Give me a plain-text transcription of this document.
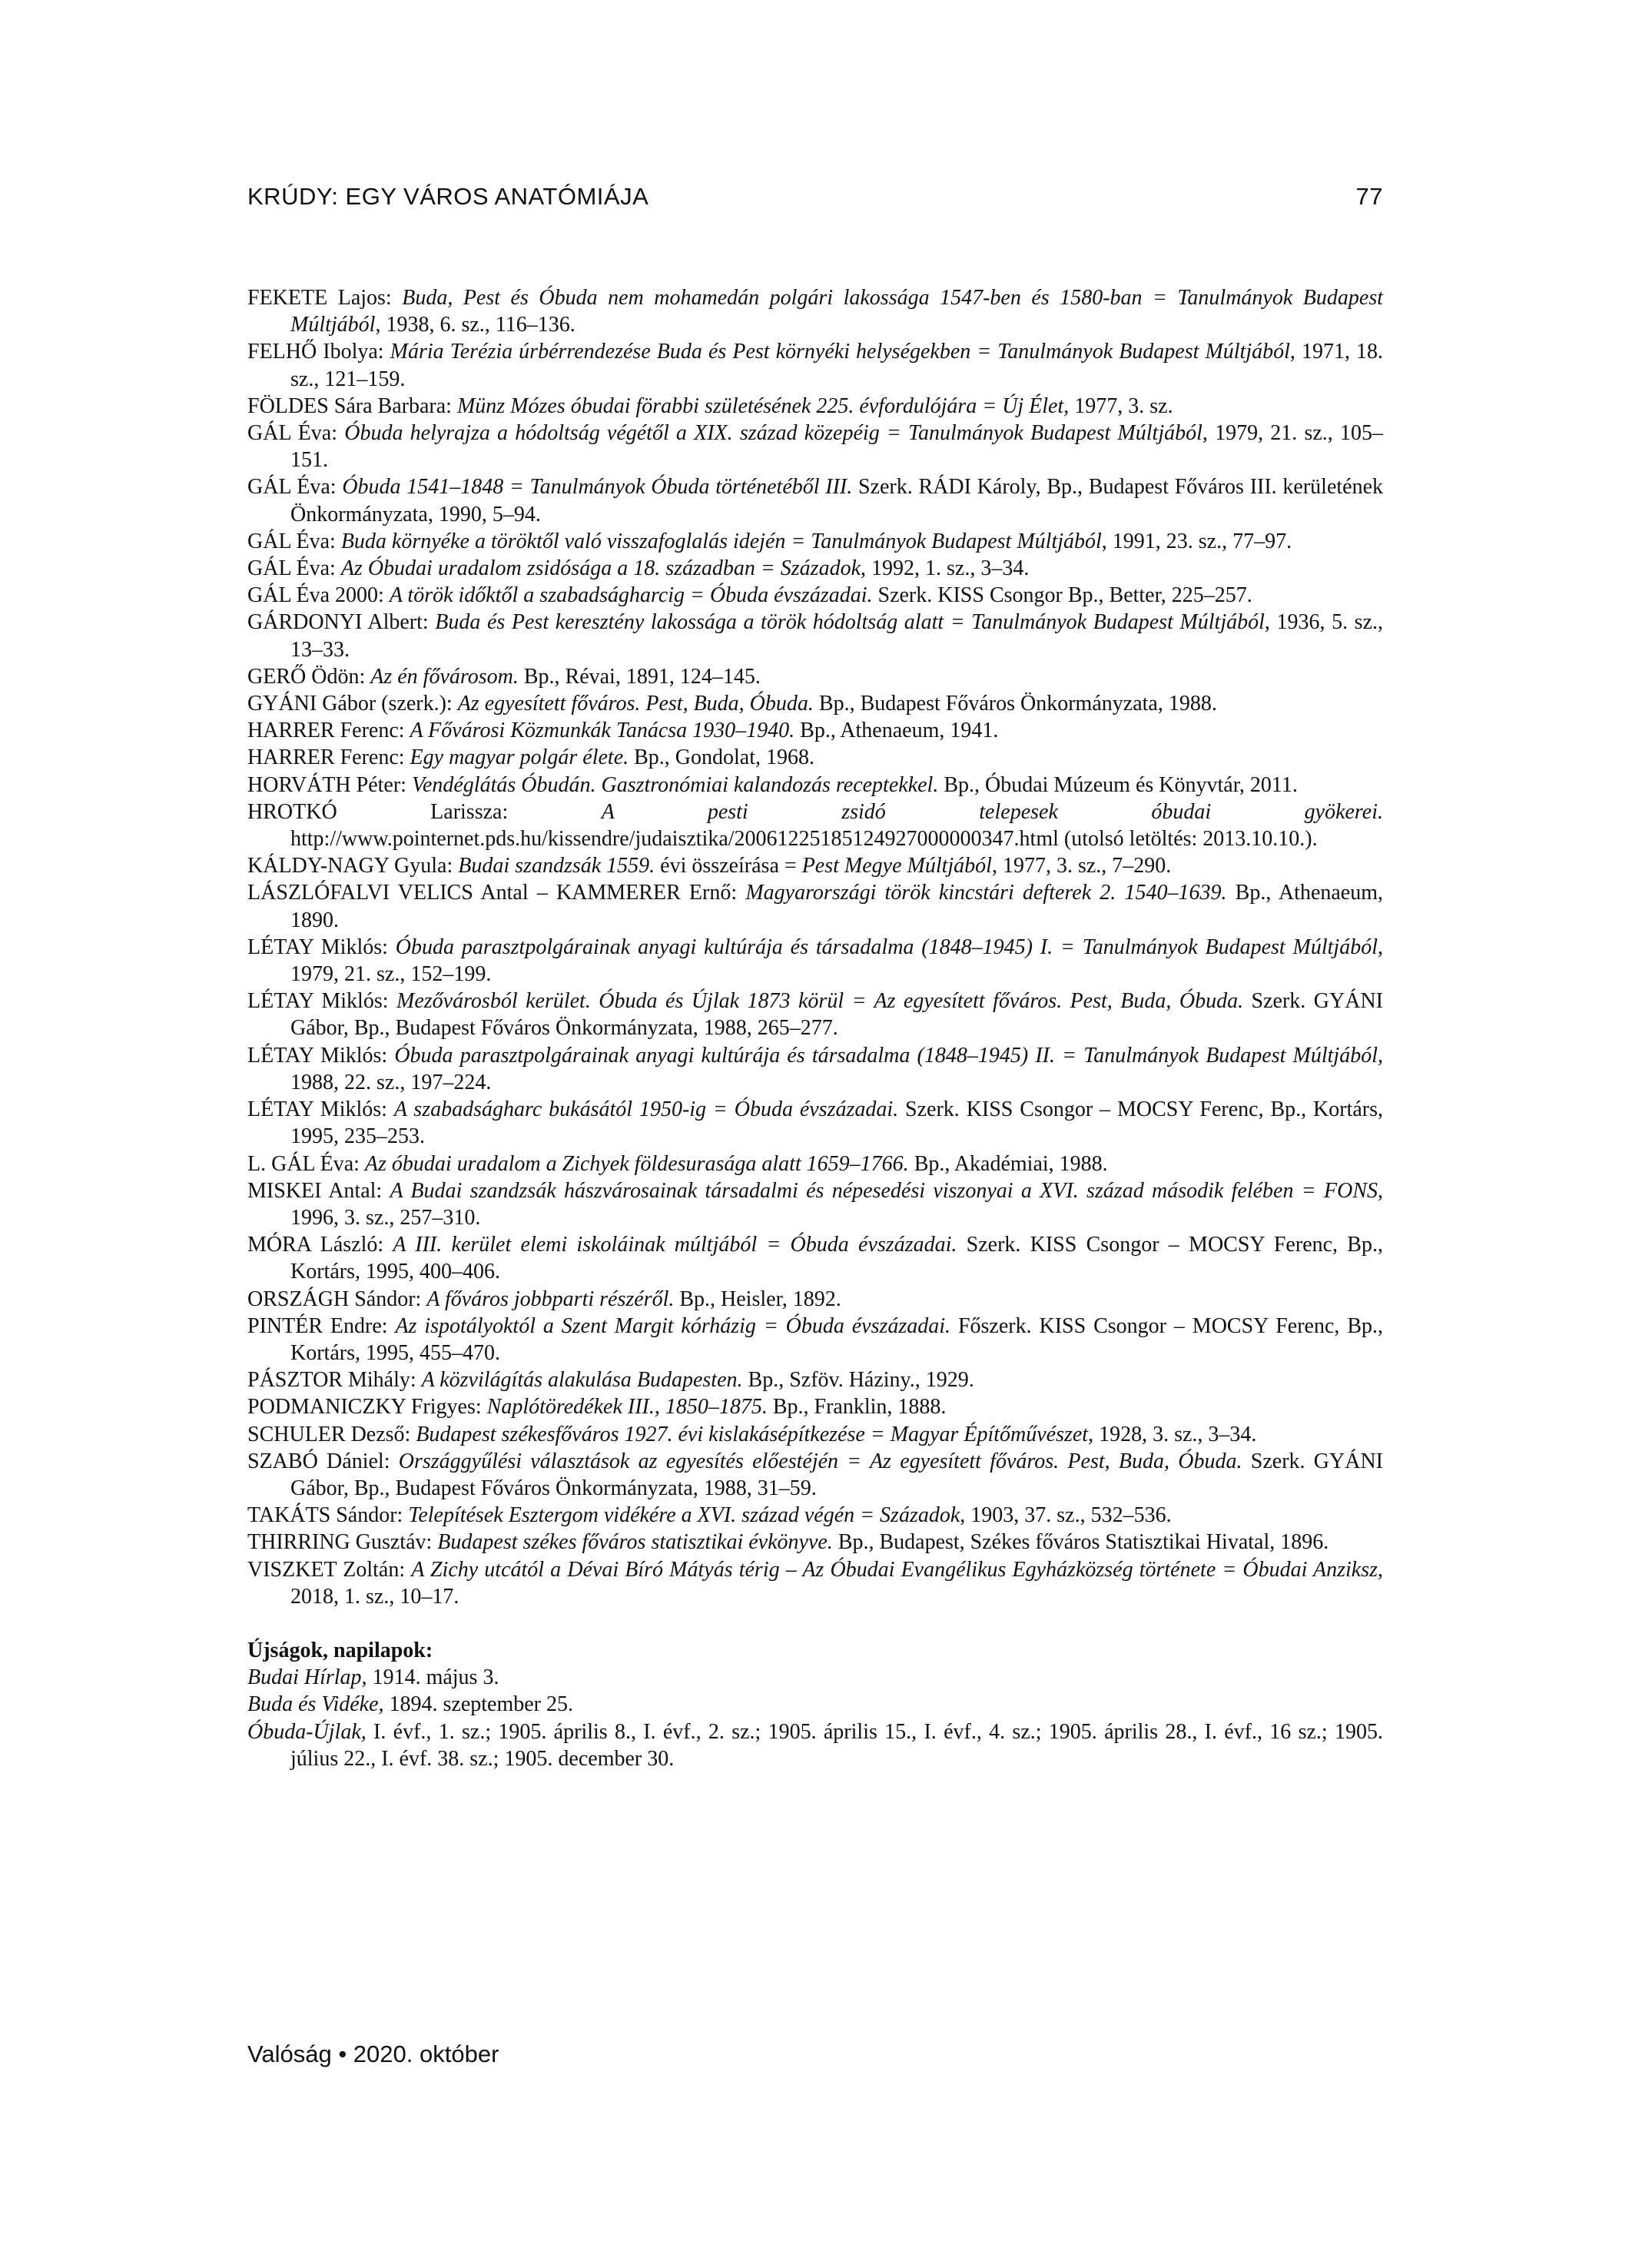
KRÚDY: EGY VÁROS ANATÓMIÁJA	77

FEKETE Lajos: Buda, Pest és Óbuda nem mohamedán polgári lakossága 1547-ben és 1580-ban = Tanulmányok Budapest Múltjából, 1938, 6. sz., 116–136.

FELHŐ Ibolya: Mária Terézia úrbérrendezése Buda és Pest környéki helységekben = Tanulmányok Budapest Múltjából, 1971, 18. sz., 121–159.

FÖLDES Sára Barbara: Münz Mózes óbudai förabbi születésének 225. évfordulójára = Új Élet, 1977, 3. sz.

GÁL Éva: Óbuda helyrajza a hódoltság végétől a XIX. század közepéig = Tanulmányok Budapest Múltjából, 1979, 21. sz., 105–151.

GÁL Éva: Óbuda 1541–1848 = Tanulmányok Óbuda történetéből III. Szerk. RÁDI Károly, Bp., Budapest Főváros III. kerületének Önkormányzata, 1990, 5–94.

GÁL Éva: Buda környéke a töröktől való visszafoglalás idején = Tanulmányok Budapest Múltjából, 1991, 23. sz., 77–97.

GÁL Éva: Az Óbudai uradalom zsidósága a 18. században = Századok, 1992, 1. sz., 3–34.

GÁL Éva 2000: A török időktől a szabadságharcig = Óbuda évszázadai. Szerk. KISS Csongor Bp., Better, 225–257.

GÁRDONYI Albert: Buda és Pest keresztény lakossága a török hódoltság alatt = Tanulmányok Budapest Múltjából, 1936, 5. sz., 13–33.

GERŐ Ödön: Az én fővárosom. Bp., Révai, 1891, 124–145.

GYÁNI Gábor (szerk.): Az egyesített főváros. Pest, Buda, Óbuda. Bp., Budapest Főváros Önkormányzata, 1988.

HARRER Ferenc: A Fővárosi Közmunkák Tanácsa 1930–1940. Bp., Athenaeum, 1941.

HARRER Ferenc: Egy magyar polgár élete. Bp., Gondolat, 1968.

HORVÁTH Péter: Vendéglátás Óbudán. Gasztronómiai kalandozás receptekkel. Bp., Óbudai Múzeum és Könyvtár, 2011.

HROTKÓ Larissza: A pesti zsidó telepesek óbudai gyökerei. http://www.pointernet.pds.hu/kissendre/judaisztika/20061225185124927000000347.html (utolsó letöltés: 2013.10.10.).

KÁLDY-NAGY Gyula: Budai szandzsák 1559. évi összeírása = Pest Megye Múltjából, 1977, 3. sz., 7–290.

LÁSZLÓFALVI VELICS Antal – KAMMERER Ernő: Magyarországi török kincstári defterek 2. 1540–1639. Bp., Athenaeum, 1890.

LÉTAY Miklós: Óbuda parasztpolgárainak anyagi kultúrája és társadalma (1848–1945) I. = Tanulmányok Budapest Múltjából, 1979, 21. sz., 152–199.

LÉTAY Miklós: Mezővárosból kerület. Óbuda és Újlak 1873 körül = Az egyesített főváros. Pest, Buda, Óbuda. Szerk. GYÁNI Gábor, Bp., Budapest Főváros Önkormányzata, 1988, 265–277.

LÉTAY Miklós: Óbuda parasztpolgárainak anyagi kultúrája és társadalma (1848–1945) II. = Tanulmányok Budapest Múltjából, 1988, 22. sz., 197–224.

LÉTAY Miklós: A szabadságharc bukásától 1950-ig = Óbuda évszázadai. Szerk. KISS Csongor – MOCSY Ferenc, Bp., Kortárs, 1995, 235–253.

L. GÁL Éva: Az óbudai uradalom a Zichyek földesurasága alatt 1659–1766. Bp., Akadémiai, 1988.

MISKEI Antal: A Budai szandzsák hászvárosainak társadalmi és népesedési viszonyai a XVI. század második felében = FONS, 1996, 3. sz., 257–310.

MÓRA László: A III. kerület elemi iskoláinak múltjából = Óbuda évszázadai. Szerk. KISS Csongor – MOCSY Ferenc, Bp., Kortárs, 1995, 400–406.

ORSZÁGH Sándor: A főváros jobbparti részéről. Bp., Heisler, 1892.

PINTÉR Endre: Az ispotályoktól a Szent Margit kórházig = Óbuda évszázadai. Főszerk. KISS Csongor – MOCSY Ferenc, Bp., Kortárs, 1995, 455–470.

PÁSZTOR Mihály: A közvilágítás alakulása Budapesten. Bp., Szföv. Háziny., 1929.

PODMANICZKY Frigyes: Naplótöredékek III., 1850–1875. Bp., Franklin, 1888.

SCHULER Dezső: Budapest székesfőváros 1927. évi kislakásépítkezése = Magyar Építőművészet, 1928, 3. sz., 3–34.

SZABÓ Dániel: Országgyűlési választások az egyesítés előestéjén = Az egyesített főváros. Pest, Buda, Óbuda. Szerk. GYÁNI Gábor, Bp., Budapest Főváros Önkormányzata, 1988, 31–59.

TAKÁTS Sándor: Telepítések Esztergom vidékére a XVI. század végén = Századok, 1903, 37. sz., 532–536.

THIRRING Gusztáv: Budapest székes főváros statisztikai évkönyve. Bp., Budapest, Székes főváros Statisztikai Hivatal, 1896.

VISZKET Zoltán: A Zichy utcától a Dévai Bíró Mátyás térig – Az Óbudai Evangélikus Egyházközség története = Óbudai Anziksz, 2018, 1. sz., 10–17.

Újságok, napilapok:

Budai Hírlap, 1914. május 3.

Buda és Vidéke, 1894. szeptember 25.

Óbuda-Újlak, I. évf., 1. sz.; 1905. április 8., I. évf., 2. sz.; 1905. április 15., I. évf., 4. sz.; 1905. április 28., I. évf., 16 sz.; 1905. július 22., I. évf. 38. sz.; 1905. december 30.

Valóság • 2020. október
